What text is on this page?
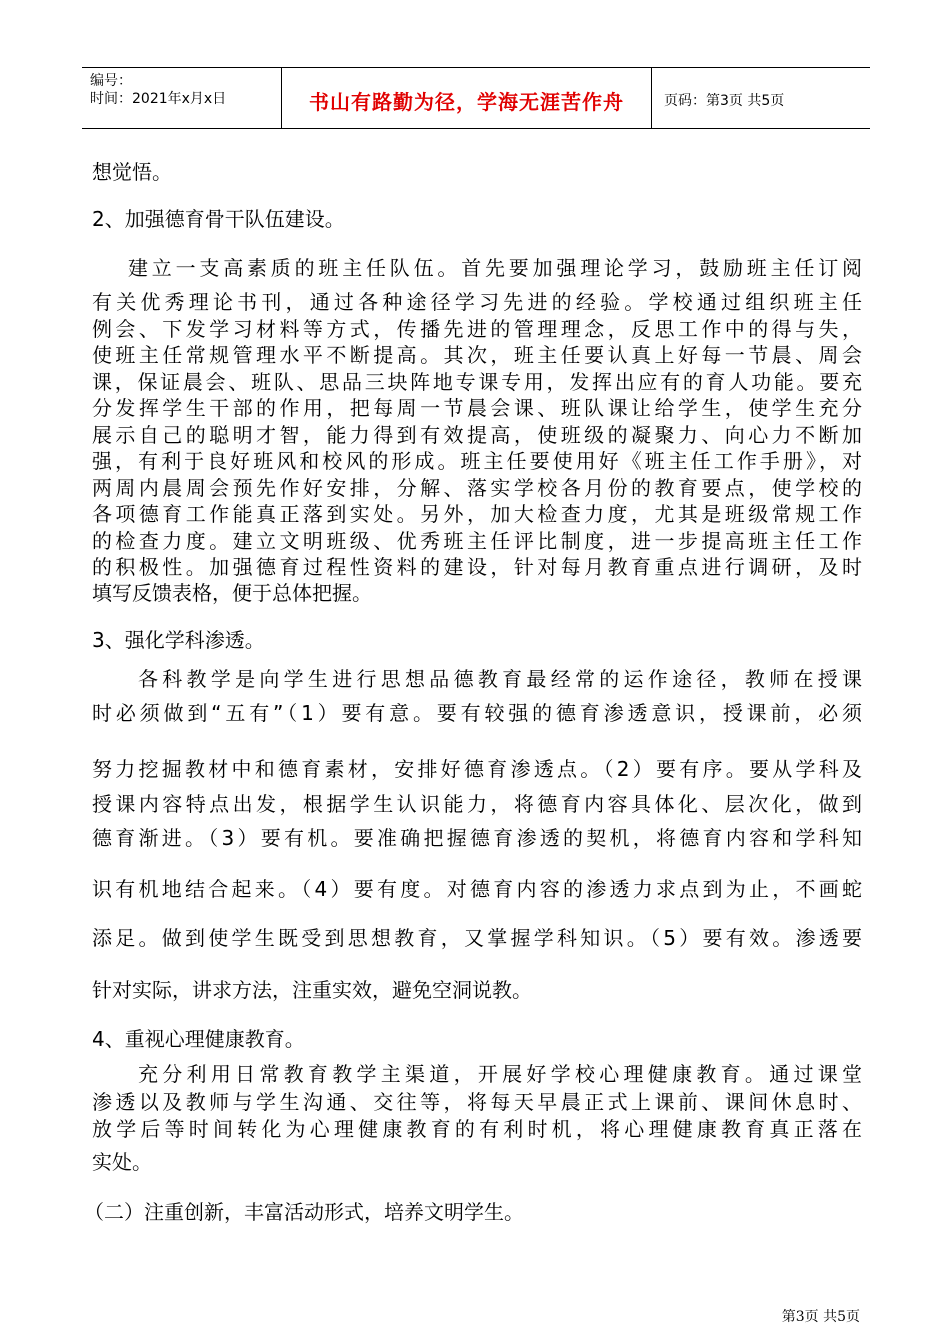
编号：
时间：2021年x月x日	书山有路勤为径，学海无涯苦作舟	页码：第3页 共5页
想觉悟。
2、加强德育骨干队伍建设。
建立一支高素质的班主任队伍。首先要加强理论学习，鼓励班主任订阅
有关优秀理论书刊，通过各种途径学习先进的经验。学校通过组织班主任
例会、下发学习材料等方式，传播先进的管理理念，反思工作中的得与失，
使班主任常规管理水平不断提高。其次，班主任要认真上好每一节晨、周会
课，保证晨会、班队、思品三块阵地专课专用，发挥出应有的育人功能。要充
分发挥学生干部的作用，把每周一节晨会课、班队课让给学生，使学生充分
展示自己的聪明才智，能力得到有效提高，使班级的凝聚力、向心力不断加
强，有利于良好班风和校风的形成。班主任要使用好《班主任工作手册》，对
两周内晨周会预先作好安排，分解、落实学校各月份的教育要点，使学校的
各项德育工作能真正落到实处。另外，加大检查力度，尤其是班级常规工作
的检查力度。建立文明班级、优秀班主任评比制度，进一步提高班主任工作
的积极性。加强德育过程性资料的建设，针对每月教育重点进行调研，及时
填写反馈表格，便于总体把握。
3、强化学科渗透。
各科教学是向学生进行思想品德教育最经常的运作途径，教师在授课
时必须做到“五有”（1）要有意。要有较强的德育渗透意识，授课前，必须
努力挖掘教材中和德育素材，安排好德育渗透点。（2）要有序。要从学科及
授课内容特点出发，根据学生认识能力，将德育内容具体化、层次化，做到
德育渐进。（3）要有机。要准确把握德育渗透的契机，将德育内容和学科知
识有机地结合起来。（4）要有度。对德育内容的渗透力求点到为止，不画蛇
添足。做到使学生既受到思想教育，又掌握学科知识。（5）要有效。渗透要
针对实际，讲求方法，注重实效，避免空洞说教。
4、重视心理健康教育。
充分利用日常教育教学主渠道，开展好学校心理健康教育。通过课堂
渗透以及教师与学生沟通、交往等，将每天早晨正式上课前、课间休息时、
放学后等时间转化为心理健康教育的有利时机，将心理健康教育真正落在
实处。
（二）注重创新，丰富活动形式，培养文明学生。
第3页 共5页
